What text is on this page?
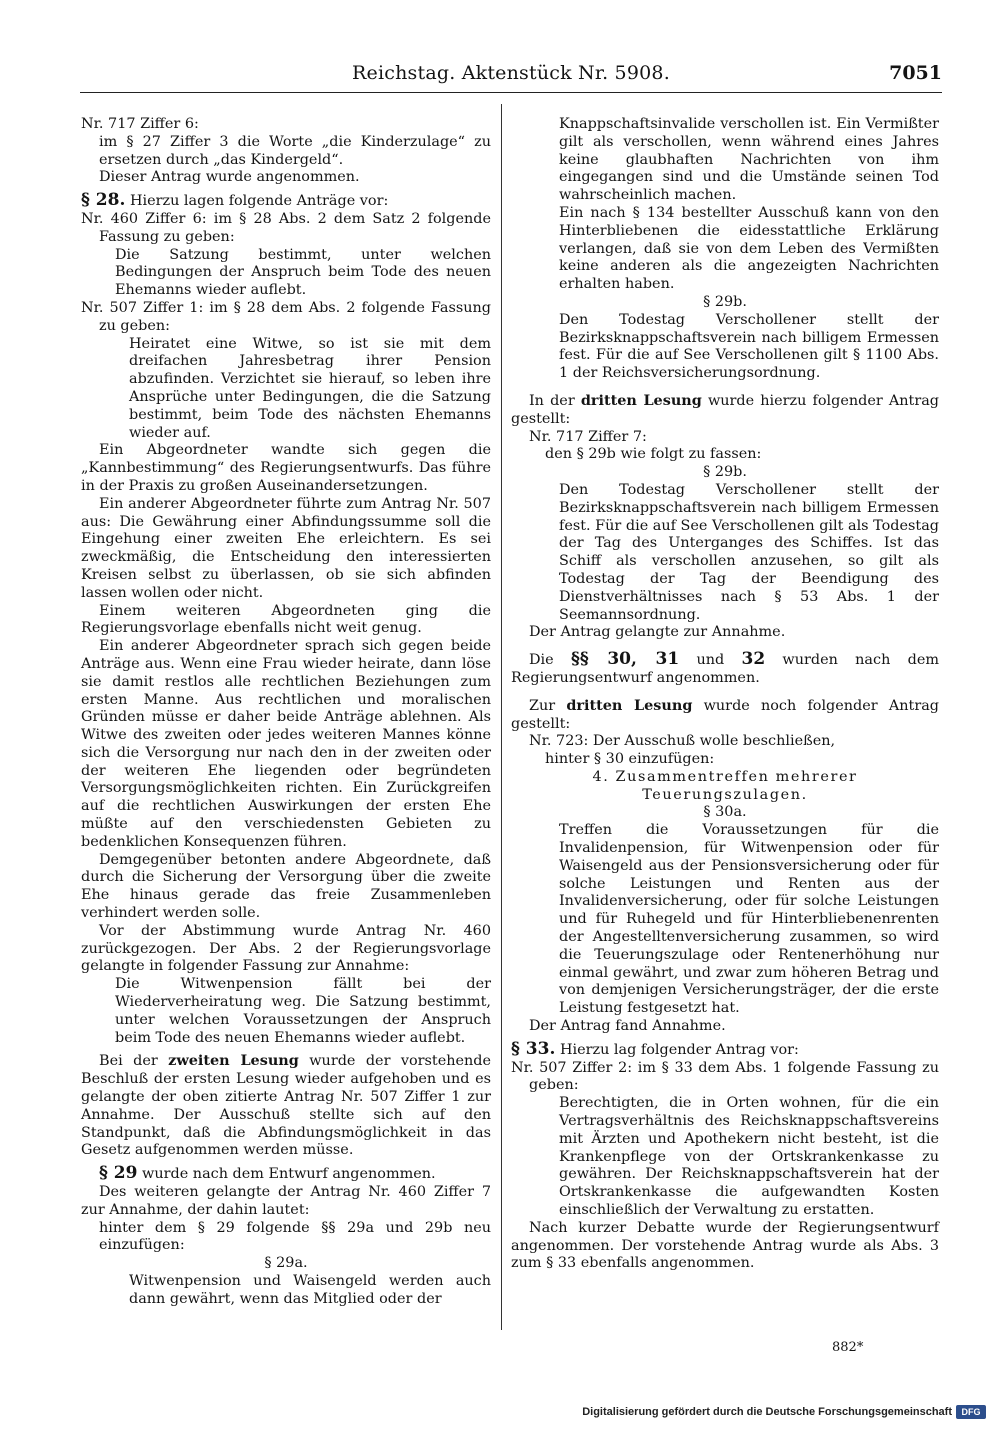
Reichstag. Aktenstück Nr. 5908.	7051

Nr. 717 Ziffer 6:

im § 27 Ziffer 3 die Worte „die Kinderzulage“ zu ersetzen durch „das Kindergeld“.

Dieser Antrag wurde angenommen.

§ 28. Hierzu lagen folgende Anträge vor:

Nr. 460 Ziffer 6: im § 28 Abs. 2 dem Satz 2 folgende Fassung zu geben:

Die Satzung bestimmt, unter welchen Bedingungen der Anspruch beim Tode des neuen Ehemanns wieder auflebt.

Nr. 507 Ziffer 1: im § 28 dem Abs. 2 folgende Fassung zu geben:

Heiratet eine Witwe, so ist sie mit dem dreifachen Jahresbetrag ihrer Pension abzufinden. Verzichtet sie hierauf, so leben ihre Ansprüche unter Bedingungen, die die Satzung bestimmt, beim Tode des nächsten Ehemanns wieder auf.

Ein Abgeordneter wandte sich gegen die „Kannbestimmung“ des Regierungsentwurfs. Das führe in der Praxis zu großen Auseinandersetzungen.

Ein anderer Abgeordneter führte zum Antrag Nr. 507 aus: Die Gewährung einer Abfindungssumme soll die Eingehung einer zweiten Ehe erleichtern. Es sei zweckmäßig, die Entscheidung den interessierten Kreisen selbst zu überlassen, ob sie sich abfinden lassen wollen oder nicht.

Einem weiteren Abgeordneten ging die Regierungsvorlage ebenfalls nicht weit genug.

Ein anderer Abgeordneter sprach sich gegen beide Anträge aus. Wenn eine Frau wieder heirate, dann löse sie damit restlos alle rechtlichen Beziehungen zum ersten Manne. Aus rechtlichen und moralischen Gründen müsse er daher beide Anträge ablehnen. Als Witwe des zweiten oder jedes weiteren Mannes könne sich die Versorgung nur nach den in der zweiten oder der weiteren Ehe liegenden oder begründeten Versorgungsmöglichkeiten richten. Ein Zurückgreifen auf die rechtlichen Auswirkungen der ersten Ehe müßte auf den verschiedensten Gebieten zu bedenklichen Konsequenzen führen.

Demgegenüber betonten andere Abgeordnete, daß durch die Sicherung der Versorgung über die zweite Ehe hinaus gerade das freie Zusammenleben verhindert werden solle.

Vor der Abstimmung wurde Antrag Nr. 460 zurückgezogen. Der Abs. 2 der Regierungsvorlage gelangte in folgender Fassung zur Annahme:

Die Witwenpension fällt bei der Wiederverheiratung weg. Die Satzung bestimmt, unter welchen Voraussetzungen der Anspruch beim Tode des neuen Ehemanns wieder auflebt.

Bei der zweiten Lesung wurde der vorstehende Beschluß der ersten Lesung wieder aufgehoben und es gelangte der oben zitierte Antrag Nr. 507 Ziffer 1 zur Annahme. Der Ausschuß stellte sich auf den Standpunkt, daß die Abfindungsmöglichkeit in das Gesetz aufgenommen werden müsse.

§ 29 wurde nach dem Entwurf angenommen.

Des weiteren gelangte der Antrag Nr. 460 Ziffer 7 zur Annahme, der dahin lautet:

hinter dem § 29 folgende §§ 29a und 29b neu einzufügen:

§ 29a.

Witwenpension und Waisengeld werden auch dann gewährt, wenn das Mitglied oder der

Knappschaftsinvalide verschollen ist. Ein Vermißter gilt als verschollen, wenn während eines Jahres keine glaubhaften Nachrichten von ihm eingegangen sind und die Umstände seinen Tod wahrscheinlich machen.

Ein nach § 134 bestellter Ausschuß kann von den Hinterbliebenen die eidesstattliche Erklärung verlangen, daß sie von dem Leben des Vermißten keine anderen als die angezeigten Nachrichten erhalten haben.

§ 29b.

Den Todestag Verschollener stellt der Bezirksknappschaftsverein nach billigem Ermessen fest. Für die auf See Verschollenen gilt § 1100 Abs. 1 der Reichsversicherungsordnung.

In der dritten Lesung wurde hierzu folgender Antrag gestellt:

Nr. 717 Ziffer 7:

den § 29b wie folgt zu fassen:

§ 29b.

Den Todestag Verschollener stellt der Bezirksknappschaftsverein nach billigem Ermessen fest. Für die auf See Verschollenen gilt als Todestag der Tag des Unterganges des Schiffes. Ist das Schiff als verschollen anzusehen, so gilt als Todestag der Tag der Beendigung des Dienstverhältnisses nach § 53 Abs. 1 der Seemannsordnung.

Der Antrag gelangte zur Annahme.

Die §§ 30, 31 und 32 wurden nach dem Regierungsentwurf angenommen.

Zur dritten Lesung wurde noch folgender Antrag gestellt:

Nr. 723: Der Ausschuß wolle beschließen,

hinter § 30 einzufügen:

4. Zusammentreffen mehrerer Teuerungszulagen.

§ 30a.

Treffen die Voraussetzungen für die Invalidenpension, für Witwenpension oder für Waisengeld aus der Pensionsversicherung oder für solche Leistungen und Renten aus der Invalidenversicherung, oder für solche Leistungen und für Ruhegeld und für Hinterbliebenenrenten der Angestelltenversicherung zusammen, so wird die Teuerungszulage oder Rentenerhöhung nur einmal gewährt, und zwar zum höheren Betrag und von demjenigen Versicherungsträger, der die erste Leistung festgesetzt hat.

Der Antrag fand Annahme.

§ 33. Hierzu lag folgender Antrag vor:

Nr. 507 Ziffer 2: im § 33 dem Abs. 1 folgende Fassung zu geben:

Berechtigten, die in Orten wohnen, für die ein Vertragsverhältnis des Reichsknappschaftsvereins mit Ärzten und Apothekern nicht besteht, ist die Krankenpflege von der Ortskrankenkasse zu gewähren. Der Reichsknappschaftsverein hat der Ortskrankenkasse die aufgewandten Kosten einschließlich der Verwaltung zu erstatten.

Nach kurzer Debatte wurde der Regierungsentwurf angenommen. Der vorstehende Antrag wurde als Abs. 3 zum § 33 ebenfalls angenommen.

882*
Digitalisierung gefördert durch die Deutsche Forschungsgemeinschaft	DFG
